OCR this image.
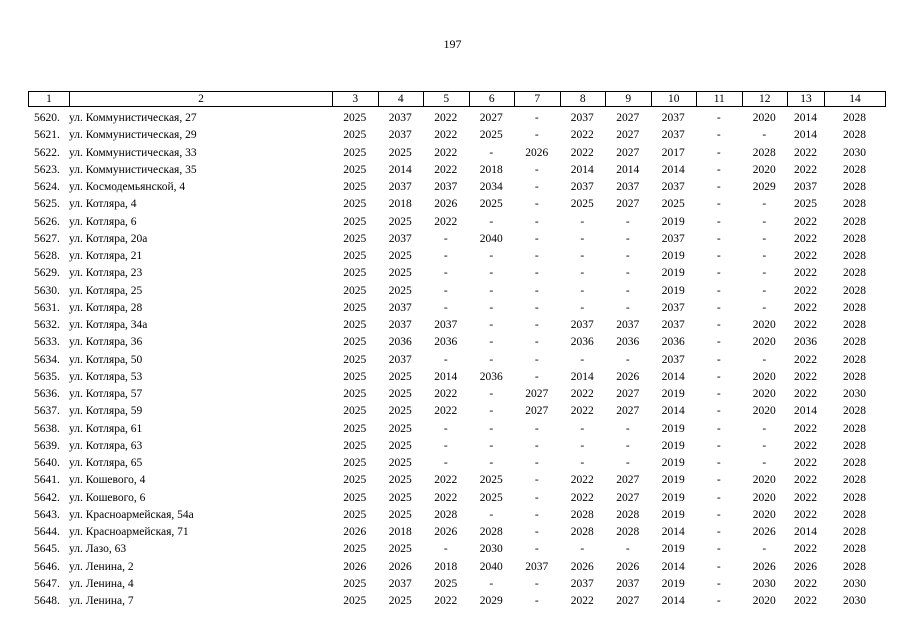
197
1	2	3	4	5	6	7	8	9	10	11	12	13	14
5620.	ул. Коммунистическая, 27	2025	2037	2022	2027	-	2037	2027	2037	-	2020	2014	2028
5621.	ул. Коммунистическая, 29	2025	2037	2022	2025	-	2022	2027	2037	-	-	2014	2028
5622.	ул. Коммунистическая, 33	2025	2025	2022	-	2026	2022	2027	2017	-	2028	2022	2030
5623.	ул. Коммунистическая, 35	2025	2014	2022	2018	-	2014	2014	2014	-	2020	2022	2028
5624.	ул. Космодемьянской, 4	2025	2037	2037	2034	-	2037	2037	2037	-	2029	2037	2028
5625.	ул. Котляра, 4	2025	2018	2026	2025	-	2025	2027	2025	-	-	2025	2028
5626.	ул. Котляра, 6	2025	2025	2022	-	-	-	-	2019	-	-	2022	2028
5627.	ул. Котляра, 20а	2025	2037	-	2040	-	-	-	2037	-	-	2022	2028
5628.	ул. Котляра, 21	2025	2025	-	-	-	-	-	2019	-	-	2022	2028
5629.	ул. Котляра, 23	2025	2025	-	-	-	-	-	2019	-	-	2022	2028
5630.	ул. Котляра, 25	2025	2025	-	-	-	-	-	2019	-	-	2022	2028
5631.	ул. Котляра, 28	2025	2037	-	-	-	-	-	2037	-	-	2022	2028
5632.	ул. Котляра, 34а	2025	2037	2037	-	-	2037	2037	2037	-	2020	2022	2028
5633.	ул. Котляра, 36	2025	2036	2036	-	-	2036	2036	2036	-	2020	2036	2028
5634.	ул. Котляра, 50	2025	2037	-	-	-	-	-	2037	-	-	2022	2028
5635.	ул. Котляра, 53	2025	2025	2014	2036	-	2014	2026	2014	-	2020	2022	2028
5636.	ул. Котляра, 57	2025	2025	2022	-	2027	2022	2027	2019	-	2020	2022	2030
5637.	ул. Котляра, 59	2025	2025	2022	-	2027	2022	2027	2014	-	2020	2014	2028
5638.	ул. Котляра, 61	2025	2025	-	-	-	-	-	2019	-	-	2022	2028
5639.	ул. Котляра, 63	2025	2025	-	-	-	-	-	2019	-	-	2022	2028
5640.	ул. Котляра, 65	2025	2025	-	-	-	-	-	2019	-	-	2022	2028
5641.	ул. Кошевого, 4	2025	2025	2022	2025	-	2022	2027	2019	-	2020	2022	2028
5642.	ул. Кошевого, 6	2025	2025	2022	2025	-	2022	2027	2019	-	2020	2022	2028
5643.	ул. Красноармейская, 54а	2025	2025	2028	-	-	2028	2028	2019	-	2020	2022	2028
5644.	ул. Красноармейская, 71	2026	2018	2026	2028	-	2028	2028	2014	-	2026	2014	2028
5645.	ул. Лазо, 63	2025	2025	-	2030	-	-	-	2019	-	-	2022	2028
5646.	ул. Ленина, 2	2026	2026	2018	2040	2037	2026	2026	2014	-	2026	2026	2028
5647.	ул. Ленина, 4	2025	2037	2025	-	-	2037	2037	2019	-	2030	2022	2030
5648.	ул. Ленина, 7	2025	2025	2022	2029	-	2022	2027	2014	-	2020	2022	2030
